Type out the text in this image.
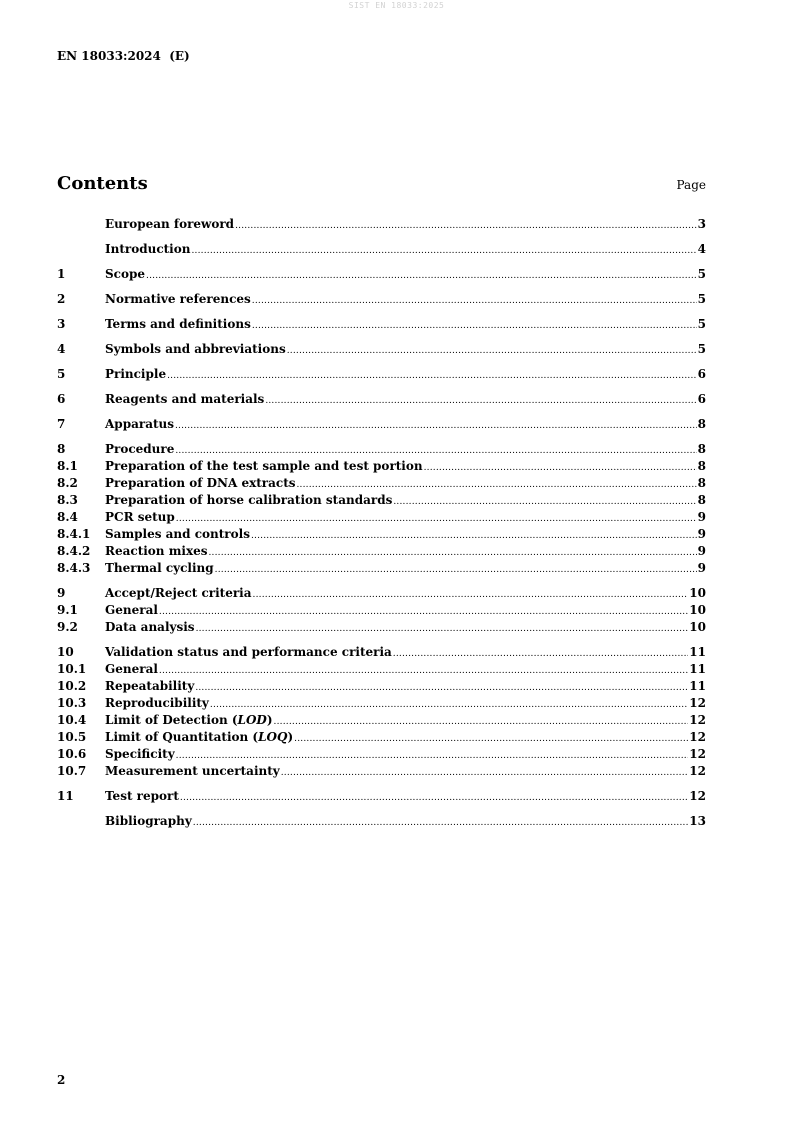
SIST EN 18033:2025
EN 18033:2024  (E)
Contents	Page
European foreword .....	3
Introduction .....	4
1	Scope .....	5
2	Normative references .....	5
3	Terms and definitions .....	5
4	Symbols and abbreviations .....	5
5	Principle .....	6
6	Reagents and materials .....	6
7	Apparatus .....	8
8	Procedure .....	8
8.1	Preparation of the test sample and test portion .....	8
8.2	Preparation of DNA extracts .....	8
8.3	Preparation of horse calibration standards .....	8
8.4	PCR setup .....	9
8.4.1	Samples and controls .....	9
8.4.2	Reaction mixes .....	9
8.4.3	Thermal cycling .....	9
9	Accept/Reject criteria .....	10
9.1	General .....	10
9.2	Data analysis .....	10
10	Validation status and performance criteria .....	11
10.1	General .....	11
10.2	Repeatability .....	11
10.3	Reproducibility .....	12
10.4	Limit of Detection (LOD) .....	12
10.5	Limit of Quantitation (LOQ) .....	12
10.6	Specificity .....	12
10.7	Measurement uncertainty .....	12
11	Test report .....	12
Bibliography .....	13
2
